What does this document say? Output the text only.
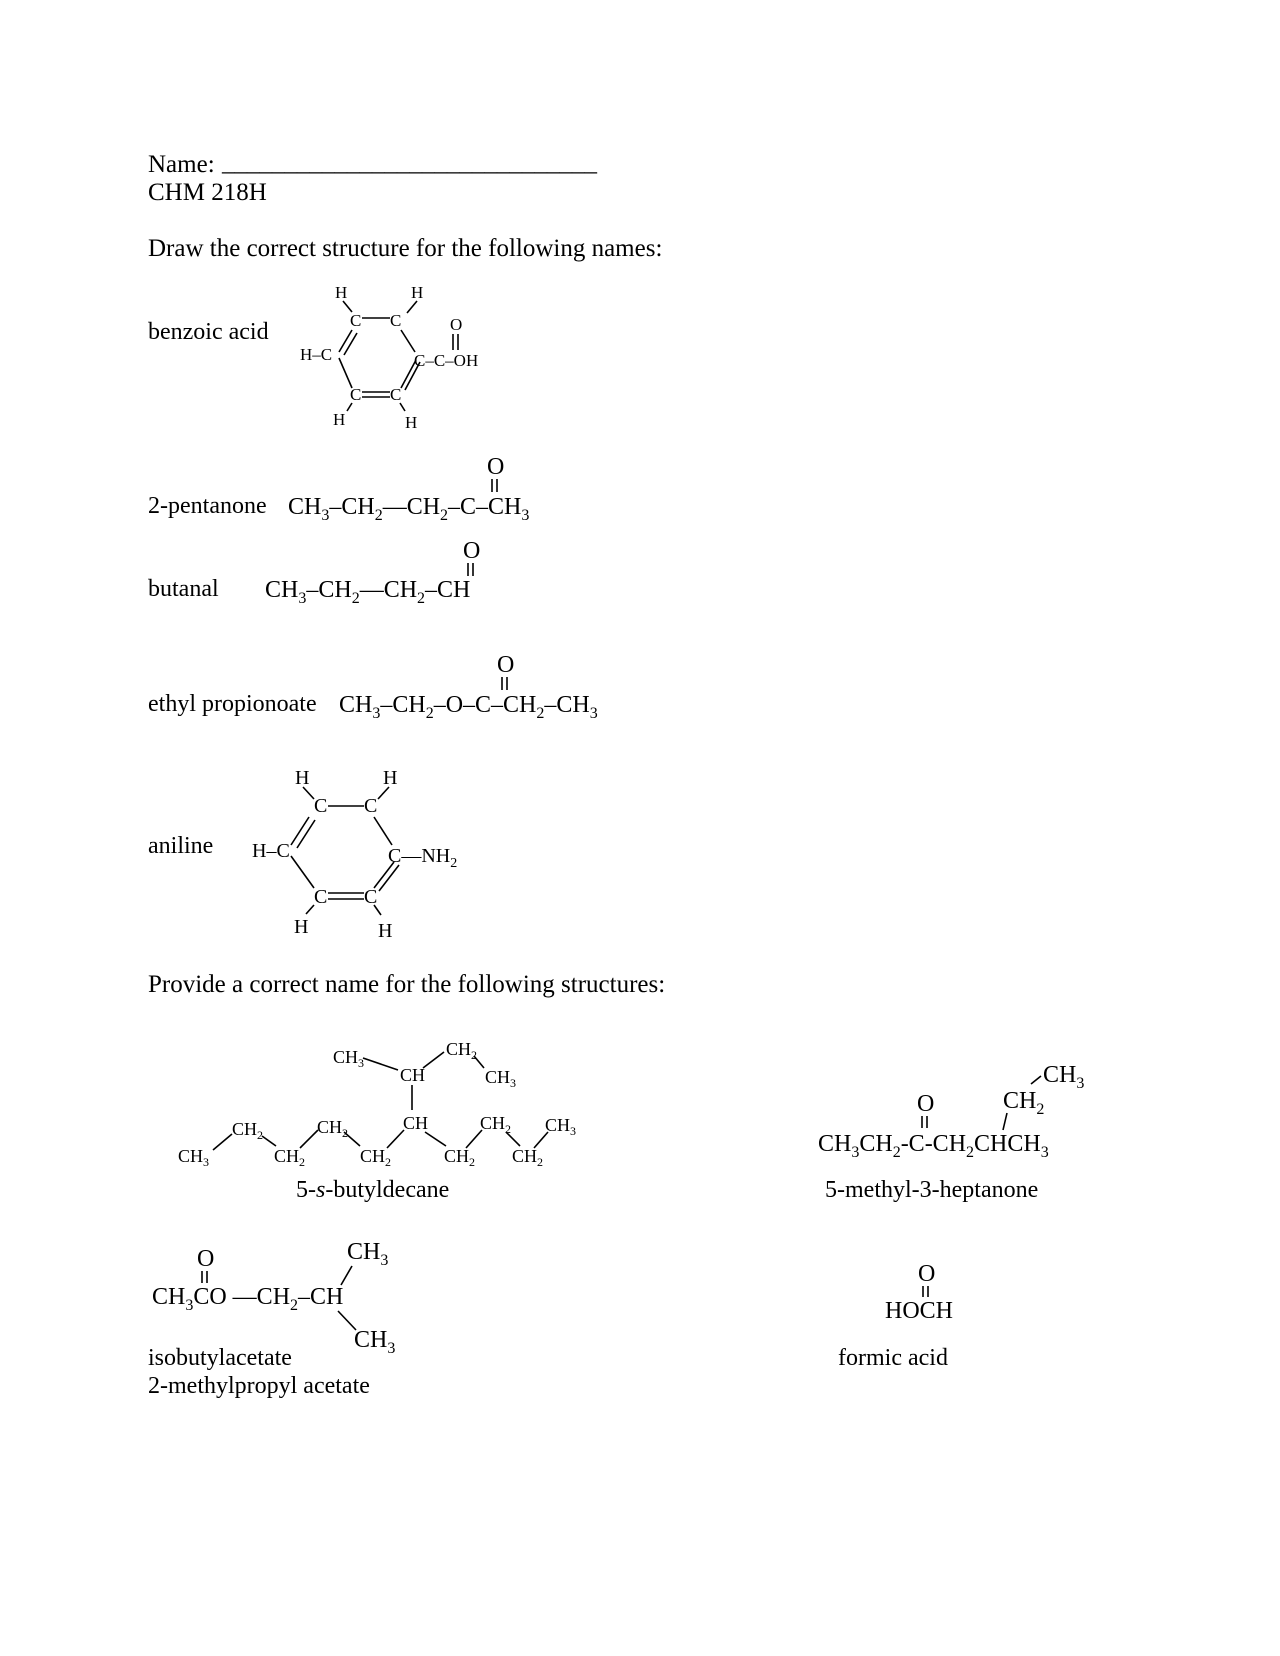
Name: ______________________________
CHM 218H
Draw the correct structure for the following names:
benzoic acid
2-pentanone
butanal
ethyl propionoate
aniline
Provide a correct name for the following structures:
5-s-butyldecane	5-methyl-3-heptanone
isobutylacetate
2-methylpropyl acetate
formic acid
H	H
C C
H–C	C–C–OH
O
C C
H	H
$CH_3-CH_2—CH_2-C-CH_3$
O
$CH_3-CH_2—CH_2-CH$
O
$CH_3-CH_2-O-C-CH_2-CH_3$
O
H	H
C C
H–C	$C—NH_2$
C C
H	H
$CH_3$
CH
$CH_2$
$CH_3$
CH
$CH_3$
$CH_2$
$CH_2$
$CH_2$
$CH_2$
$CH_2$
$CH_2$ $CH_2$
$CH_3$	$CH_3CH_2-C-CH_2CHCH_3$
O	$CH_2$
$CH_3$
O
$CH_3CO$ $—CH_2-CH$
$CH_3$
$CH_3$
O
HOCH
